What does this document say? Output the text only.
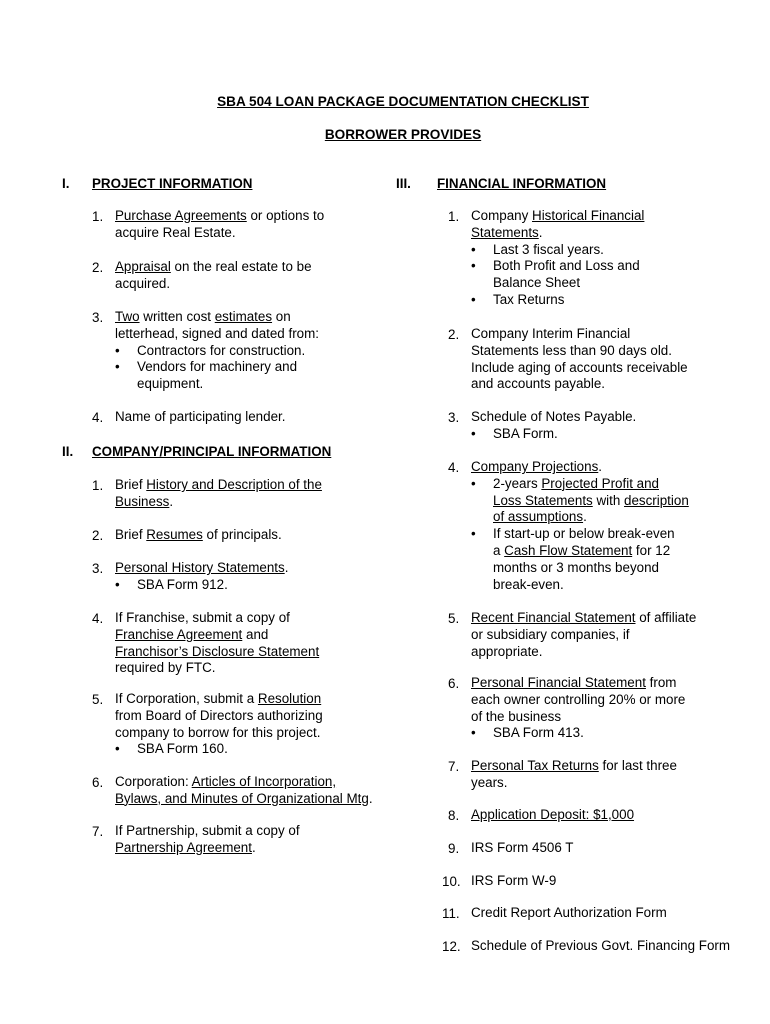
SBA 504 LOAN PACKAGE DOCUMENTATION CHECKLIST
BORROWER PROVIDES
I. PROJECT INFORMATION
1. Purchase Agreements or options to
acquire Real Estate.
2. Appraisal on the real estate to be
acquired.
3. Two written cost estimates on
letterhead, signed and dated from:
• Contractors for construction.
• Vendors for machinery and
equipment.
4. Name of participating lender.
II. COMPANY/PRINCIPAL INFORMATION
1. Brief History and Description of the
Business.
2. Brief Resumes of principals.
3. Personal History Statements.
• SBA Form 912.
4. If Franchise, submit a copy of
Franchise Agreement and
Franchisor’s Disclosure Statement
required by FTC.
5. If Corporation, submit a Resolution
from Board of Directors authorizing
company to borrow for this project.
• SBA Form 160.
6. Corporation: Articles of Incorporation,
Bylaws, and Minutes of Organizational Mtg.
7. If Partnership, submit a copy of
Partnership Agreement.
III. FINANCIAL INFORMATION
1. Company Historical Financial
Statements.
• Last 3 fiscal years.
• Both Profit and Loss and
Balance Sheet
• Tax Returns
2. Company Interim Financial
Statements less than 90 days old.
Include aging of accounts receivable
and accounts payable.
3. Schedule of Notes Payable.
• SBA Form.
4. Company Projections.
• 2-years Projected Profit and
Loss Statements with description
of assumptions.
• If start-up or below break-even
a Cash Flow Statement for 12
months or 3 months beyond
break-even.
5. Recent Financial Statement of affiliate
or subsidiary companies, if
appropriate.
6. Personal Financial Statement from
each owner controlling 20% or more
of the business
• SBA Form 413.
7. Personal Tax Returns for last three
years.
8. Application Deposit: $1,000
9. IRS Form 4506 T
10. IRS Form W-9
11. Credit Report Authorization Form
12. Schedule of Previous Govt. Financing Form
